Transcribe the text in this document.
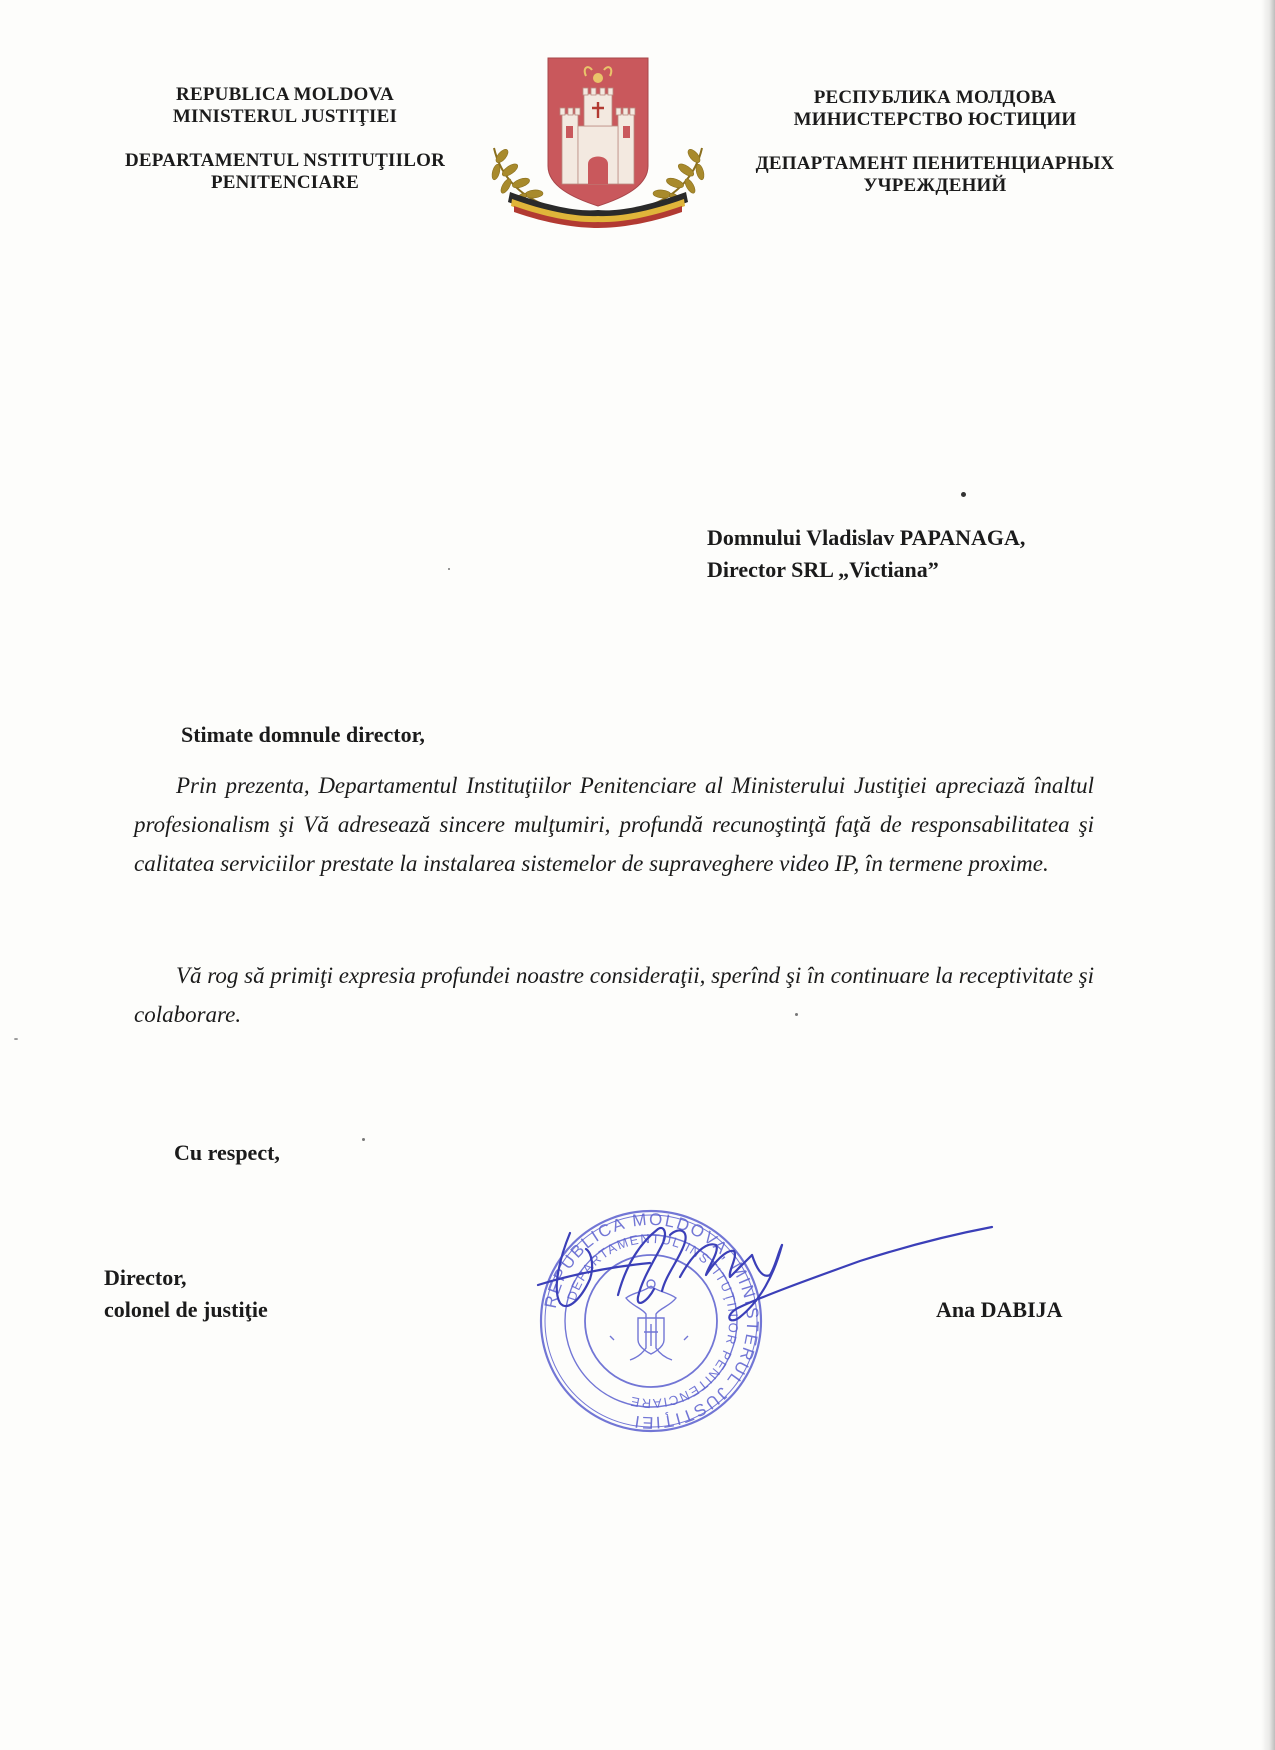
REPUBLICA MOLDOVA
MINISTERUL JUSTIŢIEI
DEPARTAMENTUL NSTITUŢIILOR
PENITENCIARE
РЕСПУБЛИКА МОЛДОВА
МИНИСТЕРСТВО ЮСТИЦИИ
ДЕПАРТАМЕНТ ПЕНИТЕНЦИАРНЫХ
УЧРЕЖДЕНИЙ
Domnului Vladislav PAPANAGA,
Director SRL „Victiana”
Stimate domnule director,
Prin prezenta, Departamentul Instituţiilor Penitenciare al Ministerului Justiţiei apreciază înaltul profesionalism şi Vă adresează sincere mulţumiri, profundă recunoştinţă faţă de responsabilitatea şi calitatea serviciilor prestate la instalarea sistemelor de supraveghere video IP, în termene proxime.
Vă rog să primiţi expresia profundei noastre consideraţii, sperînd şi în continuare la receptivitate şi colaborare.
Cu respect,
Director,
colonel de justiţie	Ana DABIJA
REPUBLICA MOLDOVA, MINISTERUL JUSTIŢIEI
DEPARTAMENTUL INSTITUŢIILOR PENITENCIARE
